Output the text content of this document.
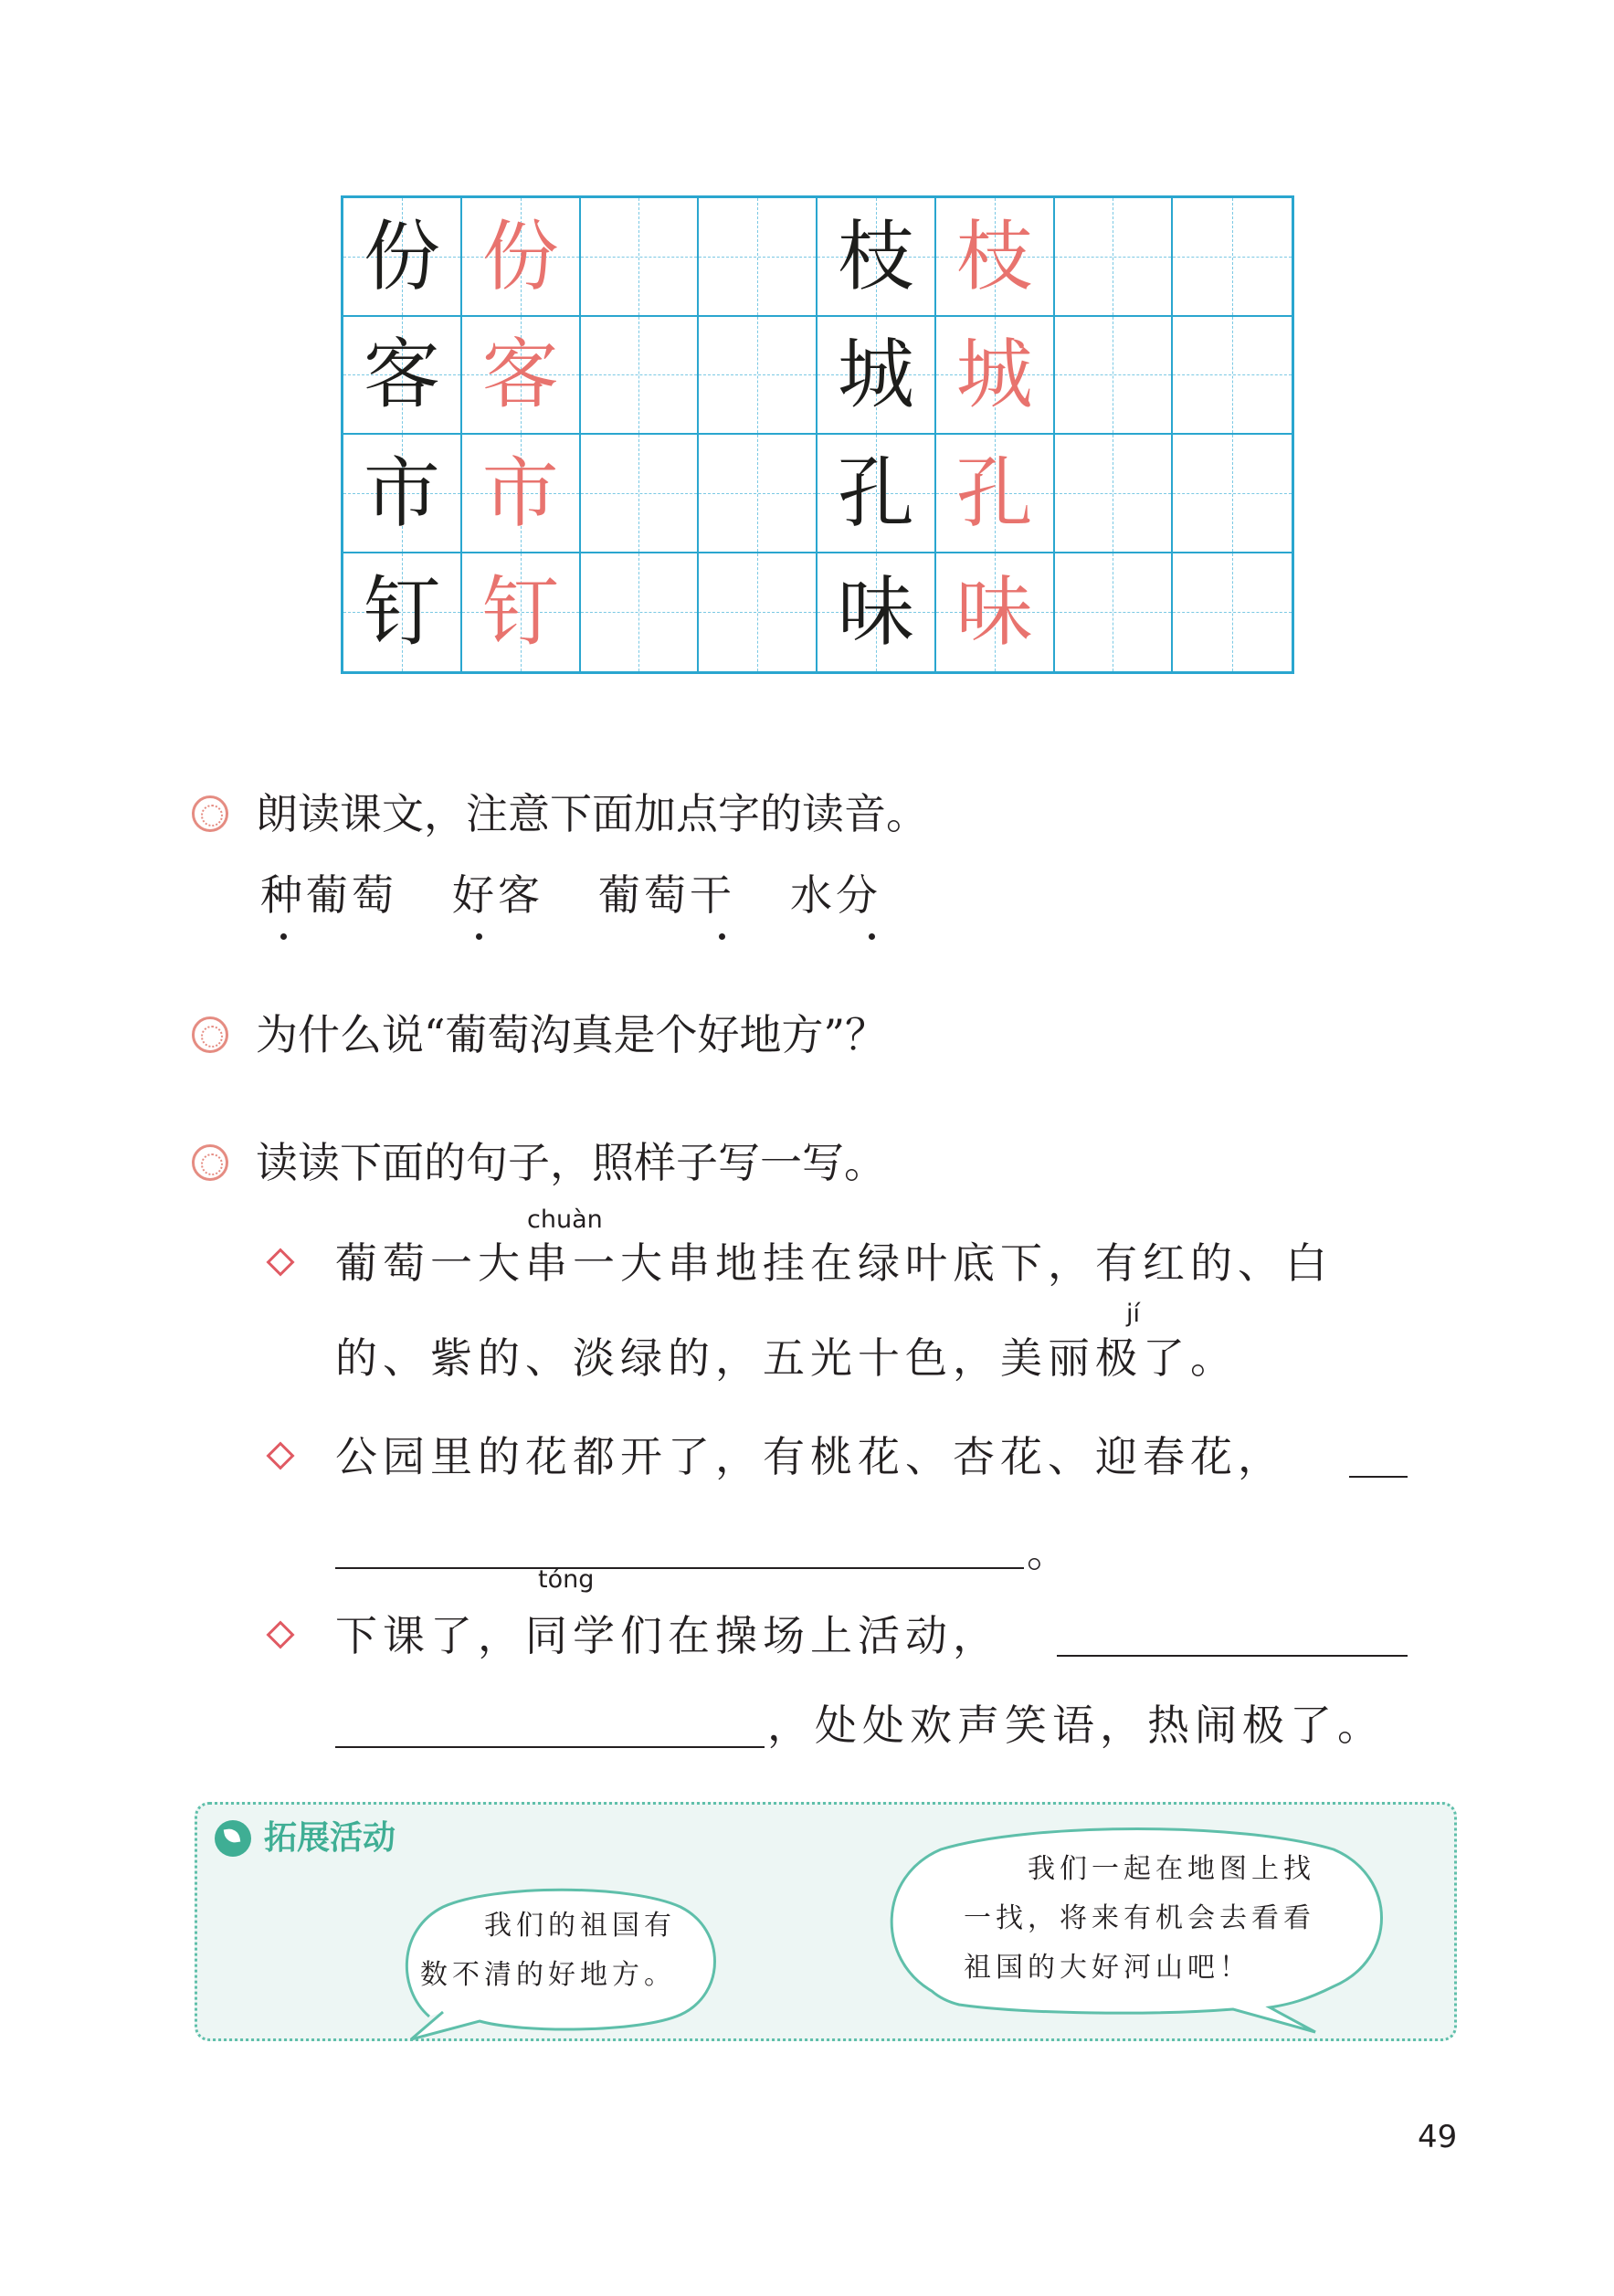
份 份	枝 枝
客 客	城 城
市 市	孔 孔
钉 钉	味 味
朗读课文，注意下面加点字的读音。
种葡萄 好客 葡萄干 水分
为什么说“葡萄沟真是个好地方”？
读读下面的句子，照样子写一写。
chuàn
葡萄一大串一大串地挂在绿叶底下，有红的、白
jí
的、紫的、淡绿的，五光十色，美丽极了。
公园里的花都开了，有桃花、杏花、迎春花，
。
tóng
下课了，同学们在操场上活动，
，处处欢声笑语，热闹极了。
拓展活动
我们的祖国有
数不清的好地方。
我们一起在地图上找
一找，将来有机会去看看
祖国的大好河山吧！
49
